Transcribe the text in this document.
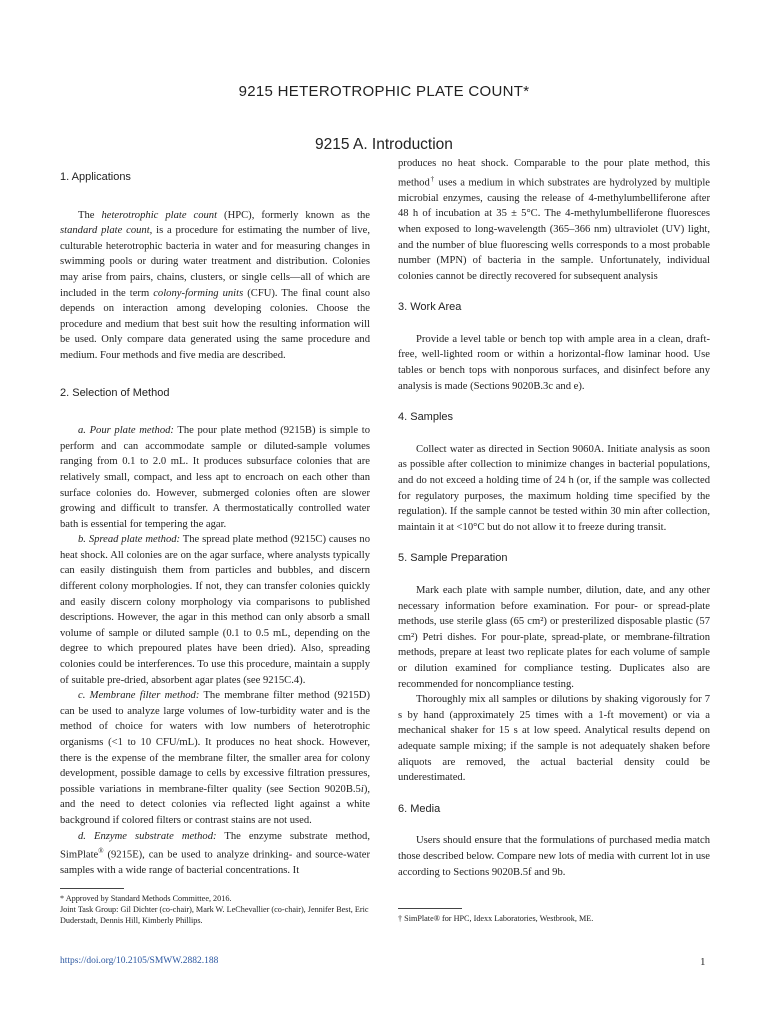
9215 HETEROTROPHIC PLATE COUNT*
9215 A. Introduction
1. Applications

The heterotrophic plate count (HPC), formerly known as the standard plate count, is a procedure for estimating the number of live, culturable heterotrophic bacteria in water and for measuring changes in swimming pools or during water treatment and distribution. Colonies may arise from pairs, chains, clusters, or single cells—all of which are included in the term colony-forming units (CFU). The final count also depends on interaction among developing colonies. Choose the procedure and medium that best suit how the resulting information will be used. Only compare data generated using the same procedure and medium. Four methods and five media are described.

2. Selection of Method

a. Pour plate method: The pour plate method (9215B) is simple to perform and can accommodate sample or diluted-sample volumes ranging from 0.1 to 2.0 mL. It produces subsurface colonies that are relatively small, compact, and less apt to encroach on each other than surface colonies do. However, submerged colonies often are slower growing and difficult to transfer. A thermostatically controlled water bath is essential for tempering the agar.

b. Spread plate method: The spread plate method (9215C) causes no heat shock. All colonies are on the agar surface, where analysts typically can easily distinguish them from particles and bubbles, and discern different colony morphologies. If not, they can transfer colonies quickly and easily discern colony morphology via comparisons to published descriptions. However, the agar in this method can only absorb a small volume of sample or diluted sample (0.1 to 0.5 mL, depending on the degree to which prepoured plates have been dried). Also, spreading colonies could be interferences. To use this procedure, maintain a supply of suitable pre-dried, absorbent agar plates (see 9215C.4).

c. Membrane filter method: The membrane filter method (9215D) can be used to analyze large volumes of low-turbidity water and is the method of choice for waters with low numbers of heterotrophic organisms (<1 to 10 CFU/mL). It produces no heat shock. However, there is the expense of the membrane filter, the smaller area for colony development, possible damage to cells by excessive filtration pressures, possible variations in membrane-filter quality (see Section 9020B.5i), and the need to detect colonies via reflected light against a white background if colored filters or contrast stains are not used.

d. Enzyme substrate method: The enzyme substrate method, SimPlate® (9215E), can be used to analyze drinking- and source-water samples with a wide range of bacterial concentrations. It

* Approved by Standard Methods Committee, 2016.
Joint Task Group: Gil Dichter (co-chair), Mark W. LeChevallier (co-chair), Jennifer Best, Eric Duderstadt, Dennis Hill, Kimberly Phillips.

produces no heat shock. Comparable to the pour plate method, this method† uses a medium in which substrates are hydrolyzed by multiple microbial enzymes, causing the release of 4-methylumbelliferone after 48 h of incubation at 35 ± 5°C. The 4-methylumbelliferone fluoresces when exposed to long-wavelength (365–366 nm) ultraviolet (UV) light, and the number of blue fluorescing wells corresponds to a most probable number (MPN) of bacteria in the sample. Unfortunately, individual colonies cannot be directly recovered for subsequent analysis

3. Work Area

Provide a level table or bench top with ample area in a clean, draft-free, well-lighted room or within a horizontal-flow laminar hood. Use tables or bench tops with nonporous surfaces, and disinfect before any analysis is made (Sections 9020B.3c and e).

4. Samples

Collect water as directed in Section 9060A. Initiate analysis as soon as possible after collection to minimize changes in bacterial populations, and do not exceed a holding time of 24 h (or, if the sample was collected for regulatory purposes, the maximum holding time specified by the regulation). If the sample cannot be tested within 30 min after collection, maintain it at <10°C but do not allow it to freeze during transit.

5. Sample Preparation

Mark each plate with sample number, dilution, date, and any other necessary information before examination. For pour- or spread-plate methods, use sterile glass (65 cm²) or presterilized disposable plastic (57 cm²) Petri dishes. For pour-plate, spread-plate, or membrane-filtration methods, prepare at least two replicate plates for each volume of sample or dilution examined for compliance testing. Duplicates also are recommended for noncompliance testing.

Thoroughly mix all samples or dilutions by shaking vigorously for 7 s by hand (approximately 25 times with a 1-ft movement) or via a mechanical shaker for 15 s at low speed. Analytical results depend on adequate sample mixing; if the sample is not adequately shaken before aliquots are removed, the actual bacterial density could be underestimated.

6. Media

Users should ensure that the formulations of purchased media match those described below. Compare new lots of media with current lot in use according to Sections 9020B.5f and 9b.

† SimPlate® for HPC, Idexx Laboratories, Westbrook, ME.
https://doi.org/10.2105/SMWW.2882.188	1
